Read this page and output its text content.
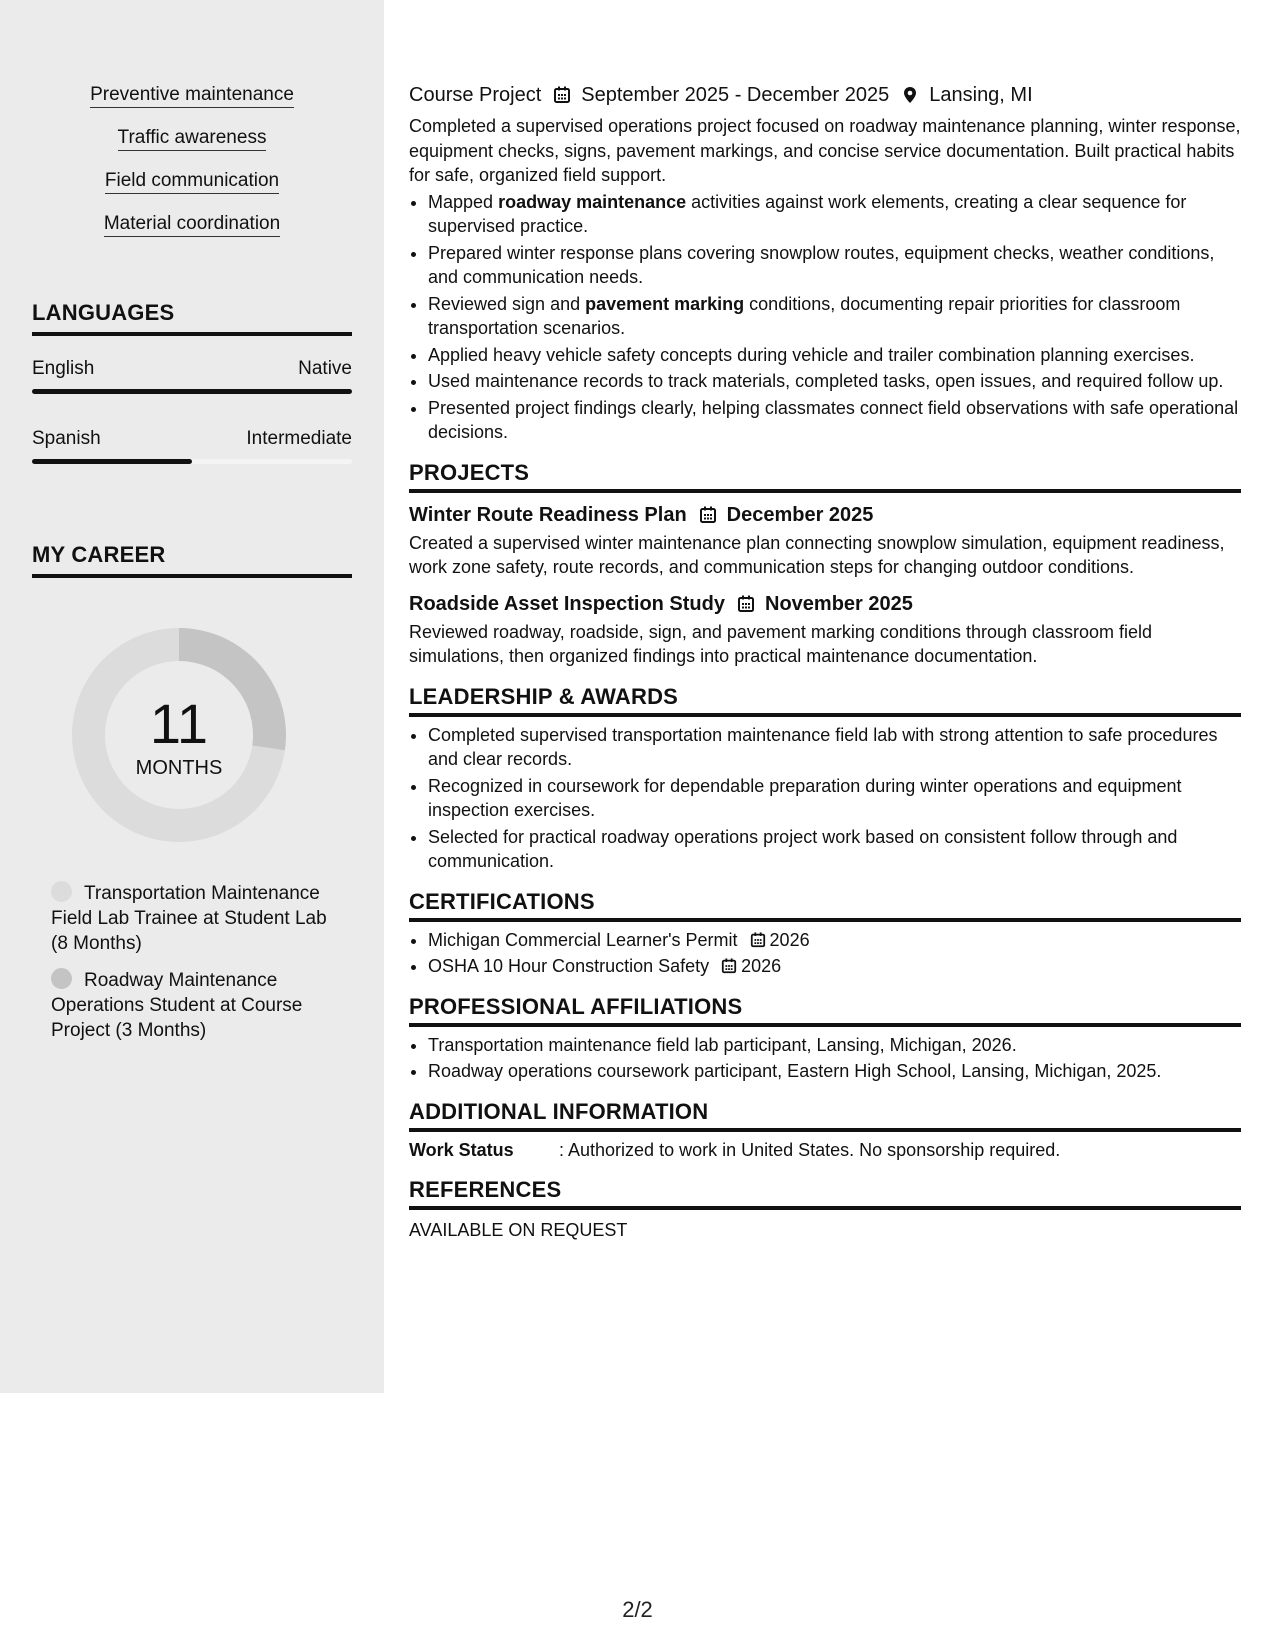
Preventive maintenance
Traffic awareness
Field communication
Material coordination
LANGUAGES
English	Native
Spanish	Intermediate
MY CAREER
11
MONTHS
Transportation Maintenance Field Lab Trainee at Student Lab (8 Months)
Roadway Maintenance Operations Student at Course Project (3 Months)
Course Project September 2025 - December 2025 Lansing, MI

Completed a supervised operations project focused on roadway maintenance planning, winter response, equipment checks, signs, pavement markings, and concise service documentation. Built practical habits for safe, organized field support.

• Mapped roadway maintenance activities against work elements, creating a clear sequence for supervised practice.
• Prepared winter response plans covering snowplow routes, equipment checks, weather conditions, and communication needs.
• Reviewed sign and pavement marking conditions, documenting repair priorities for classroom transportation scenarios.
• Applied heavy vehicle safety concepts during vehicle and trailer combination planning exercises.
• Used maintenance records to track materials, completed tasks, open issues, and required follow up.
• Presented project findings clearly, helping classmates connect field observations with safe operational decisions.
PROJECTS
Winter Route Readiness Plan December 2025

Created a supervised winter maintenance plan connecting snowplow simulation, equipment readiness, work zone safety, route records, and communication steps for changing outdoor conditions.

Roadside Asset Inspection Study November 2025

Reviewed roadway, roadside, sign, and pavement marking conditions through classroom field simulations, then organized findings into practical maintenance documentation.

LEADERSHIP & AWARDS
• Completed supervised transportation maintenance field lab with strong attention to safe procedures and clear records.
• Recognized in coursework for dependable preparation during winter operations and equipment inspection exercises.
• Selected for practical roadway operations project work based on consistent follow through and communication.
CERTIFICATIONS
• Michigan Commercial Learner's Permit 2026
• OSHA 10 Hour Construction Safety 2026
PROFESSIONAL AFFILIATIONS
• Transportation maintenance field lab participant, Lansing, Michigan, 2026.
• Roadway operations coursework participant, Eastern High School, Lansing, Michigan, 2025.
ADDITIONAL INFORMATION
Work Status	: Authorized to work in United States. No sponsorship required.
REFERENCES
AVAILABLE ON REQUEST
2/2
